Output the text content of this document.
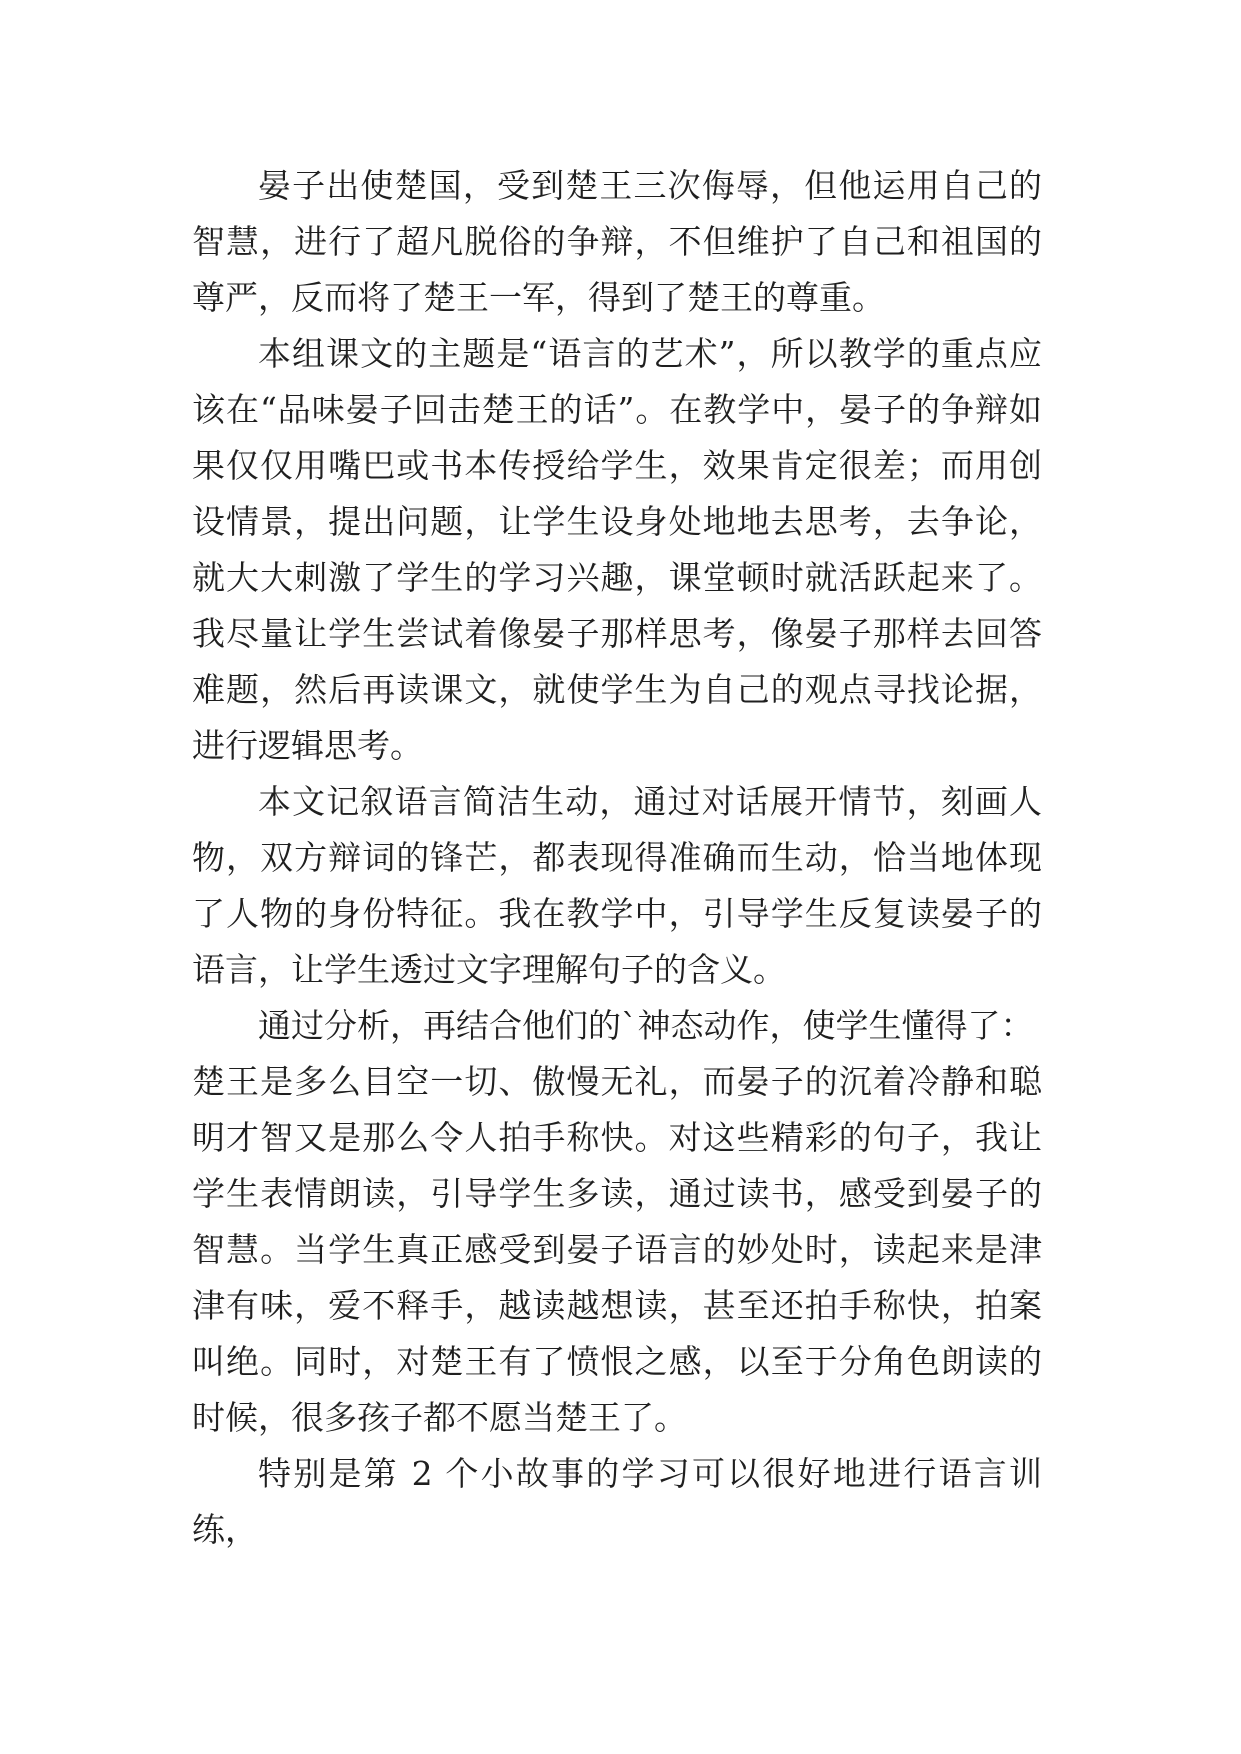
晏子出使楚国，受到楚王三次侮辱，但他运用自己的智慧，进行了超凡脱俗的争辩，不但维护了自己和祖国的尊严，反而将了楚王一军，得到了楚王的尊重。

本组课文的主题是“语言的艺术”，所以教学的重点应该在“品味晏子回击楚王的话”。在教学中，晏子的争辩如果仅仅用嘴巴或书本传授给学生，效果肯定很差；而用创设情景，提出问题，让学生设身处地地去思考，去争论，就大大刺激了学生的学习兴趣，课堂顿时就活跃起来了。我尽量让学生尝试着像晏子那样思考，像晏子那样去回答难题，然后再读课文，就使学生为自己的观点寻找论据，进行逻辑思考。

本文记叙语言简洁生动，通过对话展开情节，刻画人物，双方辩词的锋芒，都表现得准确而生动，恰当地体现了人物的身份特征。我在教学中，引导学生反复读晏子的语言，让学生透过文字理解句子的含义。

通过分析，再结合他们的`神态动作，使学生懂得了：

楚王是多么目空一切、傲慢无礼，而晏子的沉着冷静和聪明才智又是那么令人拍手称快。对这些精彩的句子，我让学生表情朗读，引导学生多读，通过读书，感受到晏子的智慧。当学生真正感受到晏子语言的妙处时，读起来是津津有味，爱不释手，越读越想读，甚至还拍手称快，拍案叫绝。同时，对楚王有了愤恨之感，以至于分角色朗读的时候，很多孩子都不愿当楚王了。

特别是第 2 个小故事的学习可以很好地进行语言训练，
